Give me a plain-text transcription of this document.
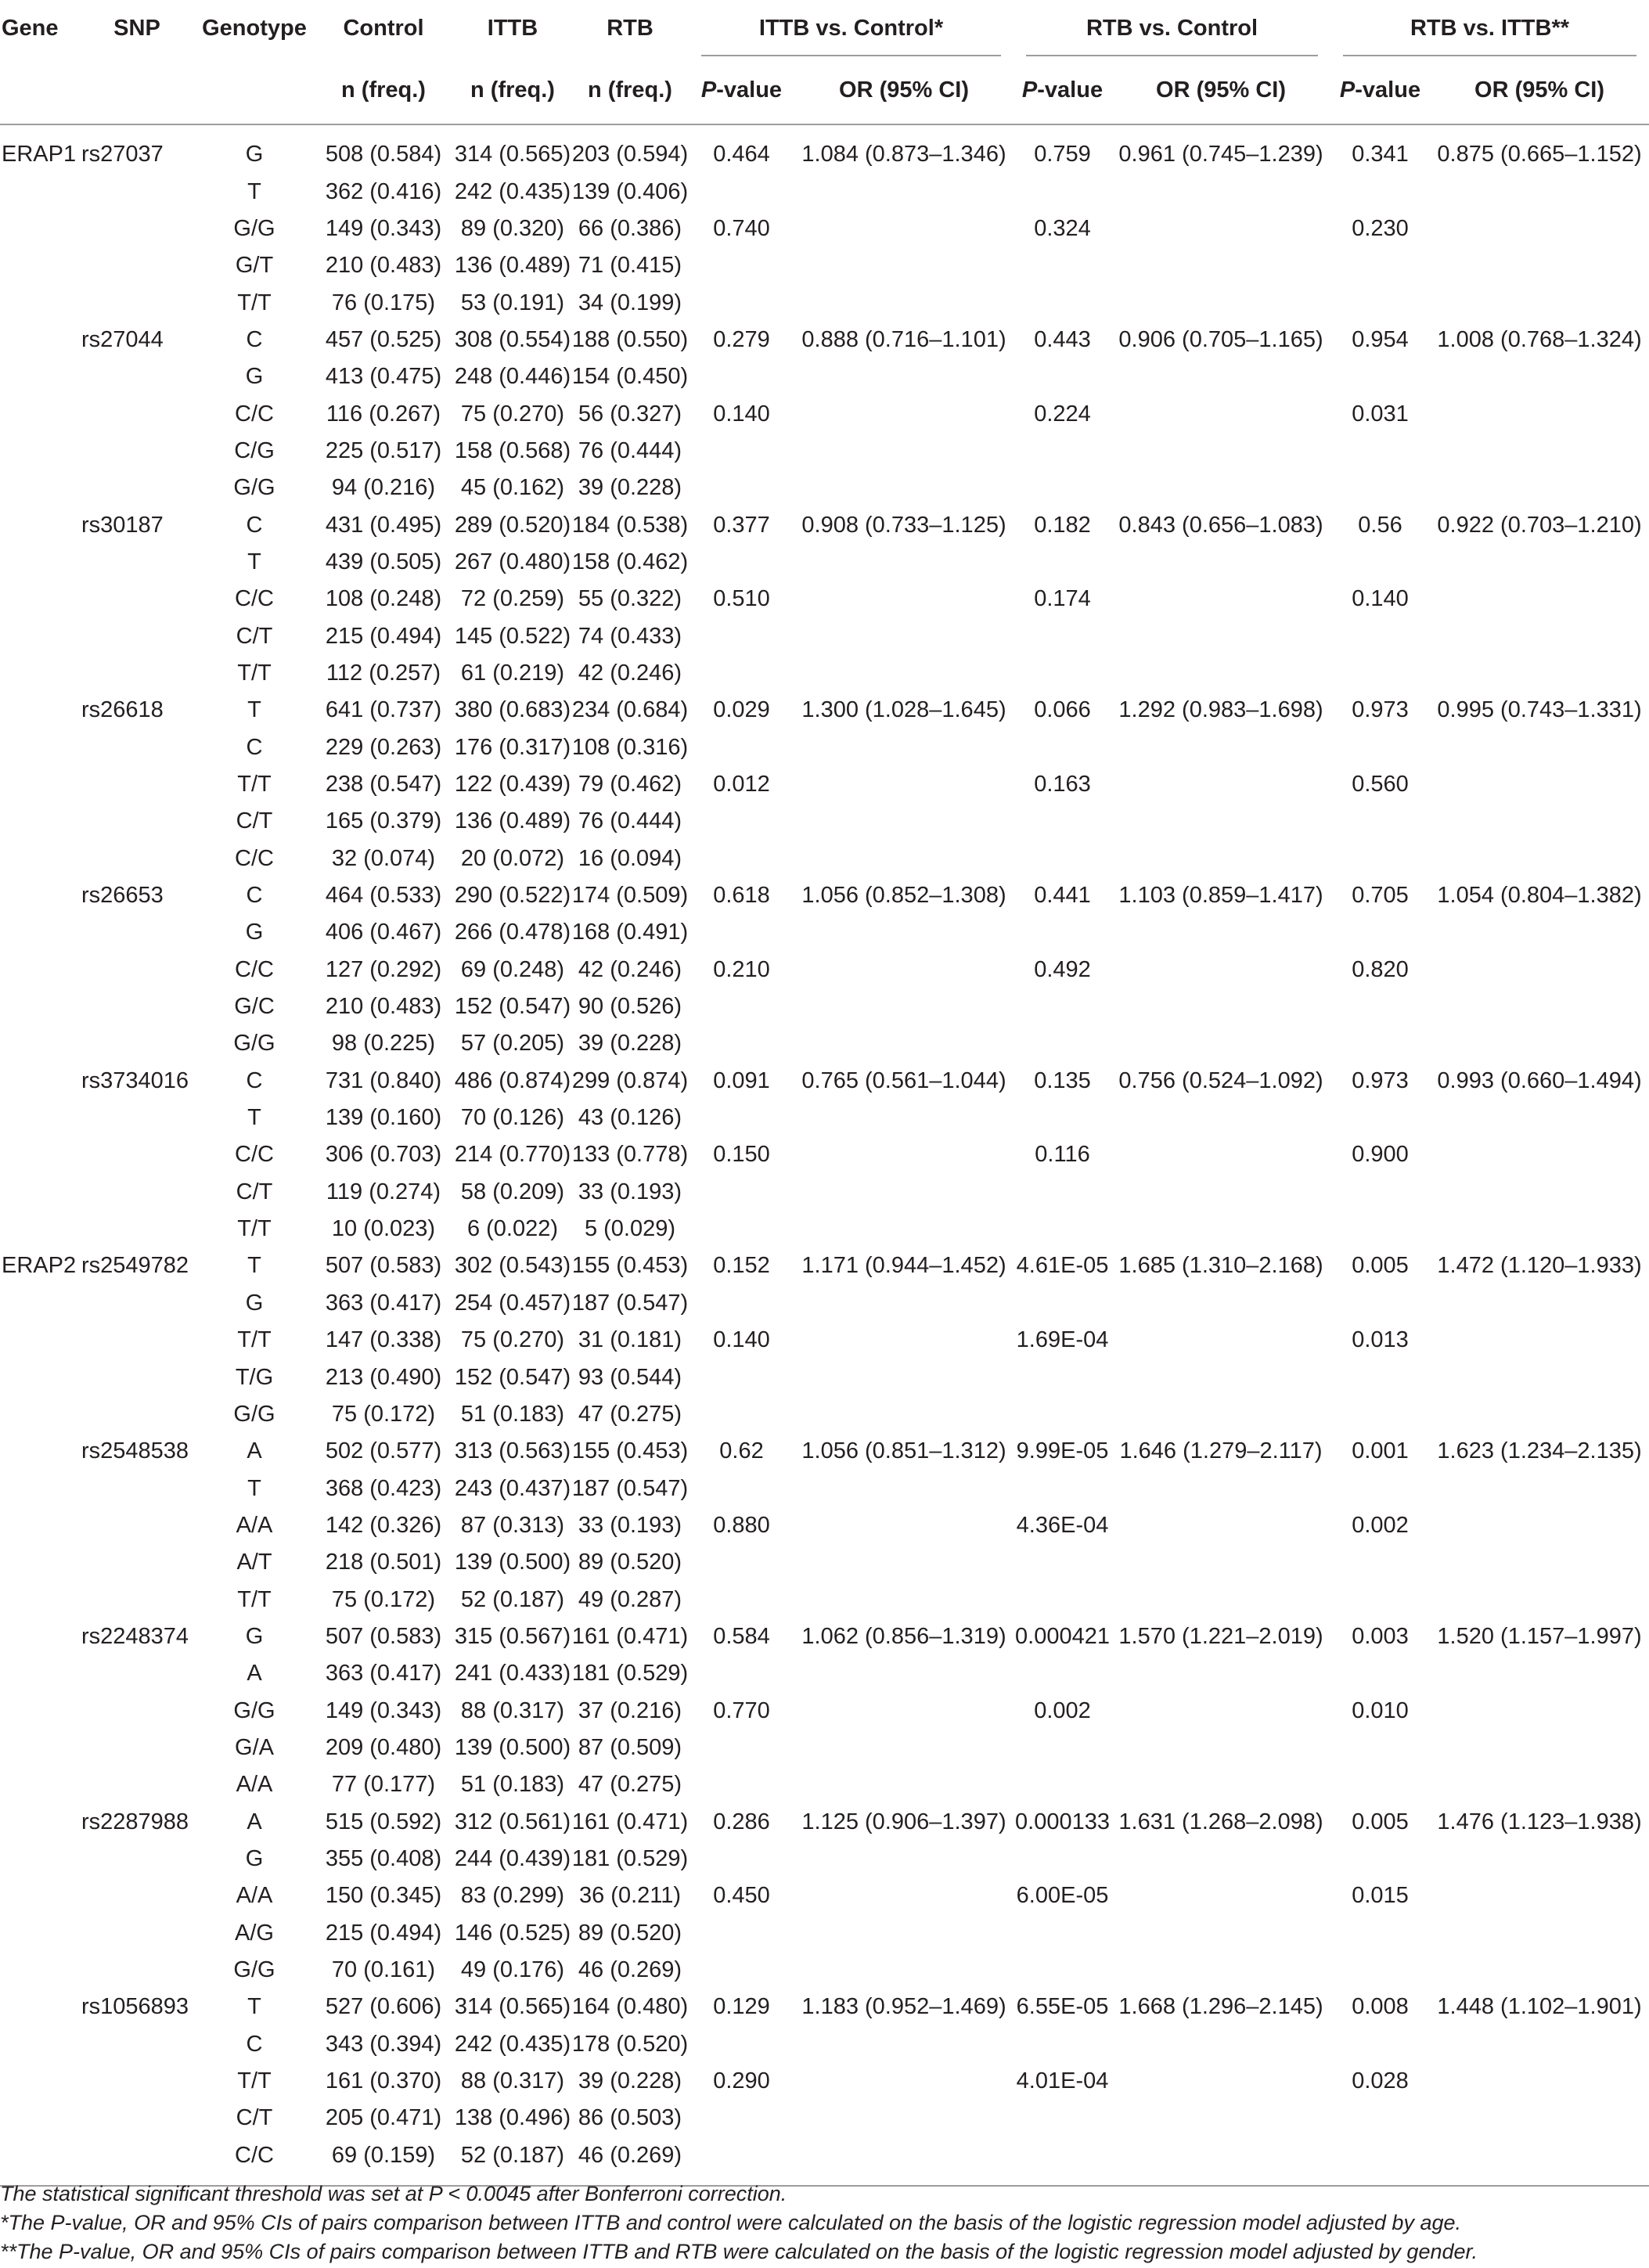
Gene	SNP	Genotype	Control	ITTB	RTB	ITTB vs. Control*		RTB vs. Control		RTB vs. ITTB**	
			n (freq.)	n (freq.)	n (freq.)	P-value	OR (95% CI)	P-value	OR (95% CI)	P-value	OR (95% CI)
ERAP1	rs27037	G	508 (0.584)	314 (0.565)	203 (0.594)	0.464	1.084 (0.873–1.346)	0.759	0.961 (0.745–1.239)	0.341	0.875 (0.665–1.152)
		T	362 (0.416)	242 (0.435)	139 (0.406)						
		G/G	149 (0.343)	89 (0.320)	66 (0.386)	0.740		0.324		0.230	
		G/T	210 (0.483)	136 (0.489)	71 (0.415)						
		T/T	76 (0.175)	53 (0.191)	34 (0.199)						
	rs27044	C	457 (0.525)	308 (0.554)	188 (0.550)	0.279	0.888 (0.716–1.101)	0.443	0.906 (0.705–1.165)	0.954	1.008 (0.768–1.324)
		G	413 (0.475)	248 (0.446)	154 (0.450)						
		C/C	116 (0.267)	75 (0.270)	56 (0.327)	0.140		0.224		0.031	
		C/G	225 (0.517)	158 (0.568)	76 (0.444)						
		G/G	94 (0.216)	45 (0.162)	39 (0.228)						
	rs30187	C	431 (0.495)	289 (0.520)	184 (0.538)	0.377	0.908 (0.733–1.125)	0.182	0.843 (0.656–1.083)	0.56	0.922 (0.703–1.210)
		T	439 (0.505)	267 (0.480)	158 (0.462)						
		C/C	108 (0.248)	72 (0.259)	55 (0.322)	0.510		0.174		0.140	
		C/T	215 (0.494)	145 (0.522)	74 (0.433)						
		T/T	112 (0.257)	61 (0.219)	42 (0.246)						
	rs26618	T	641 (0.737)	380 (0.683)	234 (0.684)	0.029	1.300 (1.028–1.645)	0.066	1.292 (0.983–1.698)	0.973	0.995 (0.743–1.331)
		C	229 (0.263)	176 (0.317)	108 (0.316)						
		T/T	238 (0.547)	122 (0.439)	79 (0.462)	0.012		0.163		0.560	
		C/T	165 (0.379)	136 (0.489)	76 (0.444)						
		C/C	32 (0.074)	20 (0.072)	16 (0.094)						
	rs26653	C	464 (0.533)	290 (0.522)	174 (0.509)	0.618	1.056 (0.852–1.308)	0.441	1.103 (0.859–1.417)	0.705	1.054 (0.804–1.382)
		G	406 (0.467)	266 (0.478)	168 (0.491)						
		C/C	127 (0.292)	69 (0.248)	42 (0.246)	0.210		0.492		0.820	
		G/C	210 (0.483)	152 (0.547)	90 (0.526)						
		G/G	98 (0.225)	57 (0.205)	39 (0.228)						
	rs3734016	C	731 (0.840)	486 (0.874)	299 (0.874)	0.091	0.765 (0.561–1.044)	0.135	0.756 (0.524–1.092)	0.973	0.993 (0.660–1.494)
		T	139 (0.160)	70 (0.126)	43 (0.126)						
		C/C	306 (0.703)	214 (0.770)	133 (0.778)	0.150		0.116		0.900	
		C/T	119 (0.274)	58 (0.209)	33 (0.193)						
		T/T	10 (0.023)	6 (0.022)	5 (0.029)						
ERAP2	rs2549782	T	507 (0.583)	302 (0.543)	155 (0.453)	0.152	1.171 (0.944–1.452)	4.61E-05	1.685 (1.310–2.168)	0.005	1.472 (1.120–1.933)
		G	363 (0.417)	254 (0.457)	187 (0.547)						
		T/T	147 (0.338)	75 (0.270)	31 (0.181)	0.140		1.69E-04		0.013	
		T/G	213 (0.490)	152 (0.547)	93 (0.544)						
		G/G	75 (0.172)	51 (0.183)	47 (0.275)						
	rs2548538	A	502 (0.577)	313 (0.563)	155 (0.453)	0.62	1.056 (0.851–1.312)	9.99E-05	1.646 (1.279–2.117)	0.001	1.623 (1.234–2.135)
		T	368 (0.423)	243 (0.437)	187 (0.547)						
		A/A	142 (0.326)	87 (0.313)	33 (0.193)	0.880		4.36E-04		0.002	
		A/T	218 (0.501)	139 (0.500)	89 (0.520)						
		T/T	75 (0.172)	52 (0.187)	49 (0.287)						
	rs2248374	G	507 (0.583)	315 (0.567)	161 (0.471)	0.584	1.062 (0.856–1.319)	0.000421	1.570 (1.221–2.019)	0.003	1.520 (1.157–1.997)
		A	363 (0.417)	241 (0.433)	181 (0.529)						
		G/G	149 (0.343)	88 (0.317)	37 (0.216)	0.770		0.002		0.010	
		G/A	209 (0.480)	139 (0.500)	87 (0.509)						
		A/A	77 (0.177)	51 (0.183)	47 (0.275)						
	rs2287988	A	515 (0.592)	312 (0.561)	161 (0.471)	0.286	1.125 (0.906–1.397)	0.000133	1.631 (1.268–2.098)	0.005	1.476 (1.123–1.938)
		G	355 (0.408)	244 (0.439)	181 (0.529)						
		A/A	150 (0.345)	83 (0.299)	36 (0.211)	0.450		6.00E-05		0.015	
		A/G	215 (0.494)	146 (0.525)	89 (0.520)						
		G/G	70 (0.161)	49 (0.176)	46 (0.269)						
	rs1056893	T	527 (0.606)	314 (0.565)	164 (0.480)	0.129	1.183 (0.952–1.469)	6.55E-05	1.668 (1.296–2.145)	0.008	1.448 (1.102–1.901)
		C	343 (0.394)	242 (0.435)	178 (0.520)						
		T/T	161 (0.370)	88 (0.317)	39 (0.228)	0.290		4.01E-04		0.028	
		C/T	205 (0.471)	138 (0.496)	86 (0.503)						
		C/C	69 (0.159)	52 (0.187)	46 (0.269)						
The statistical significant threshold was set at P < 0.0045 after Bonferroni correction.
*The P-value, OR and 95% CIs of pairs comparison between ITTB and control were calculated on the basis of the logistic regression model adjusted by age.
**The P-value, OR and 95% CIs of pairs comparison between ITTB and RTB were calculated on the basis of the logistic regression model adjusted by gender.
